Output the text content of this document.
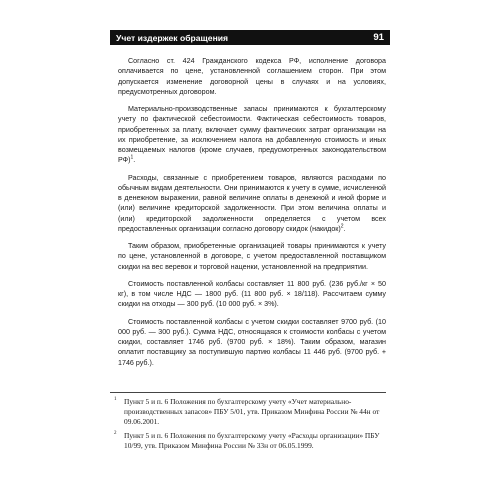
Учет издержек обращения	91

Согласно ст. 424 Гражданского кодекса РФ, исполнение договора оплачивается по цене, установленной соглашением сторон. При этом допускается изменение договорной цены в случаях и на условиях, предусмотренных договором.

Материально-производственные запасы принимаются к бухгалтерскому учету по фактической себестоимости. Фактическая себестоимость товаров, приобретенных за плату, включает сумму фактических затрат организации на их приобретение, за исключением налога на добавленную стоимость и иных возмещаемых налогов (кроме случаев, предусмотренных законодательством РФ)$^1$.

Расходы, связанные с приобретением товаров, являются расходами по обычным видам деятельности. Они принимаются к учету в сумме, исчисленной в денежном выражении, равной величине оплаты в денежной и иной форме и (или) величине кредиторской задолженности. При этом величина оплаты и (или) кредиторской задолженности определяется с учетом всех предоставленных организации согласно договору скидок (накидок)$^2$.

Таким образом, приобретенные организацией товары принимаются к учету по цене, установленной в договоре, с учетом предоставленной поставщиком скидки на вес веревок и торговой наценки, установленной на предприятии.

Стоимость поставленной колбасы составляет 11 800 руб. (236 руб./кг × 50 кг), в том числе НДС — 1800 руб. (11 800 руб. × 18/118). Рассчитаем сумму скидки на отходы — 300 руб. (10 000 руб. × 3%).

Стоимость поставленной колбасы с учетом скидки составляет 9700 руб. (10 000 руб. — 300 руб.). Сумма НДС, относящаяся к стоимости колбасы с учетом скидки, составляет 1746 руб. (9700 руб. × 18%). Таким образом, магазин оплатит поставщику за поступившую партию колбасы 11 446 руб. (9700 руб. + 1746 руб.).

1 Пункт 5 и п. 6 Положения по бухгалтерскому учету «Учет материально-производственных запасов» ПБУ 5/01, утв. Приказом Минфина России № 44н от 09.06.2001.
2 Пункт 5 и п. 6 Положения по бухгалтерскому учету «Расходы организации» ПБУ 10/99, утв. Приказом Минфина России № 33н от 06.05.1999.
